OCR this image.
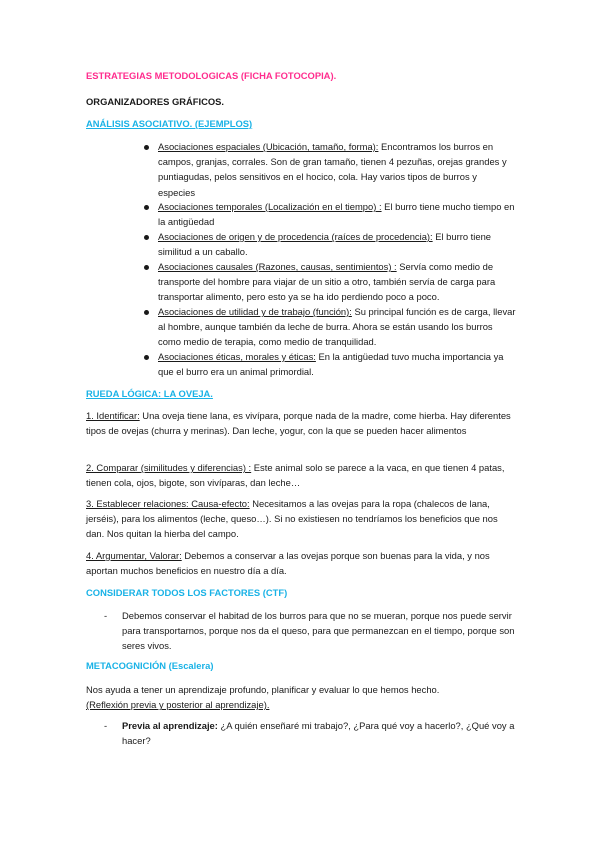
ESTRATEGIAS METODOLOGICAS (FICHA FOTOCOPIA).
ORGANIZADORES GRÁFICOS.
ANÁLISIS ASOCIATIVO. (EJEMPLOS)
Asociaciones espaciales (Ubicación, tamaño, forma): Encontramos los burros en campos, granjas, corrales. Son de gran tamaño, tienen 4 pezuñas, orejas grandes y puntiagudas, pelos sensitivos en el hocico, cola. Hay varios tipos de burros y especies
Asociaciones temporales (Localización en el tiempo) : El burro tiene mucho tiempo en la antigüedad
Asociaciones de origen y de procedencia (raíces de procedencia): El burro tiene similitud a un caballo.
Asociaciones causales (Razones, causas, sentimientos) : Servía como medio de transporte del hombre para viajar de un sitio a otro, también servía de carga para transportar alimento, pero esto ya se ha ido perdiendo poco a poco.
Asociaciones de utilidad y de trabajo (función): Su principal función es de carga, llevar al hombre, aunque también da leche de burra. Ahora se están usando los burros como medio de terapia, como medio de tranquilidad.
Asociaciones éticas, morales y éticas: En la antigüedad tuvo mucha importancia ya que el burro era un animal primordial.
RUEDA LÓGICA: LA OVEJA.
1. Identificar: Una oveja tiene lana, es vivípara, porque nada de la madre, come hierba. Hay diferentes tipos de ovejas (churra y merinas). Dan leche, yogur, con la que se pueden hacer alimentos
2. Comparar (similitudes y diferencias) : Este animal solo se parece a la vaca, en que tienen 4 patas, tienen cola, ojos, bigote, son vivíparas, dan leche…
3. Establecer relaciones: Causa-efecto: Necesitamos a las ovejas para la ropa (chalecos de lana, jerséis), para los alimentos (leche, queso…). Si no existiesen no tendríamos los beneficios que nos dan. Nos quitan la hierba del campo.
4. Argumentar, Valorar: Debemos a conservar a las ovejas porque son buenas para la vida, y nos aportan muchos beneficios en nuestro día a día.
CONSIDERAR TODOS LOS FACTORES (CTF)
- Debemos conservar el habitad de los burros para que no se mueran, porque nos puede servir para transportarnos, porque nos da el queso, para que permanezcan en el tiempo, porque son seres vivos.
METACOGNICIÓN (Escalera)
Nos ayuda a tener un aprendizaje profundo, planificar y evaluar lo que hemos hecho.
(Reflexión previa y posterior al aprendizaje).
- Previa al aprendizaje: ¿A quién enseñaré mi trabajo?, ¿Para qué voy a hacerlo?, ¿Qué voy a hacer?
